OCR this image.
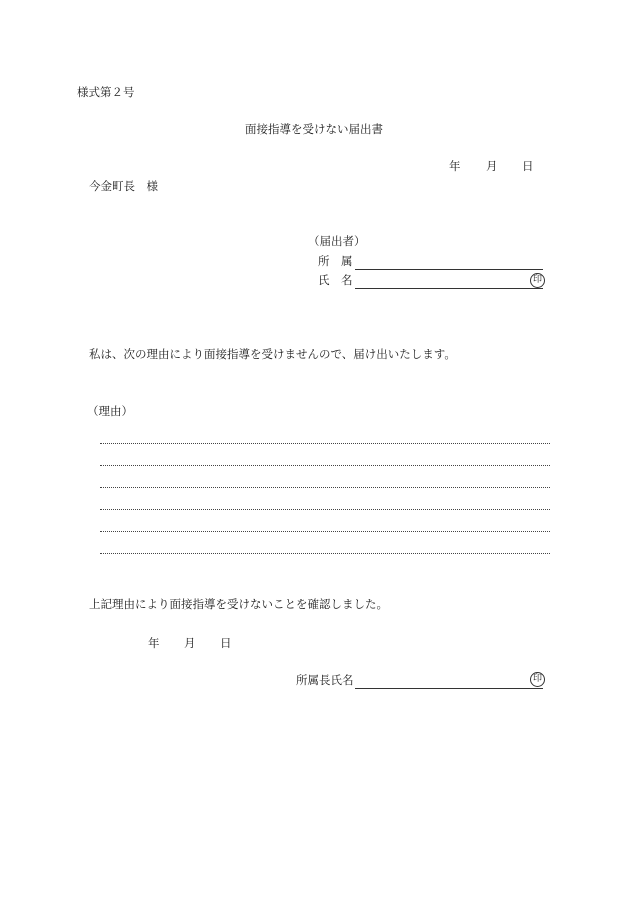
様式第２号
面接指導を受けない届出書
年 月 日
今金町長　様
（届出者）
所　属
氏　名	印
私は、次の理由により面接指導を受けませんので、届け出いたします。
（理由）
上記理由により面接指導を受けないことを確認しました。
年 月 日
所属長氏名	印
